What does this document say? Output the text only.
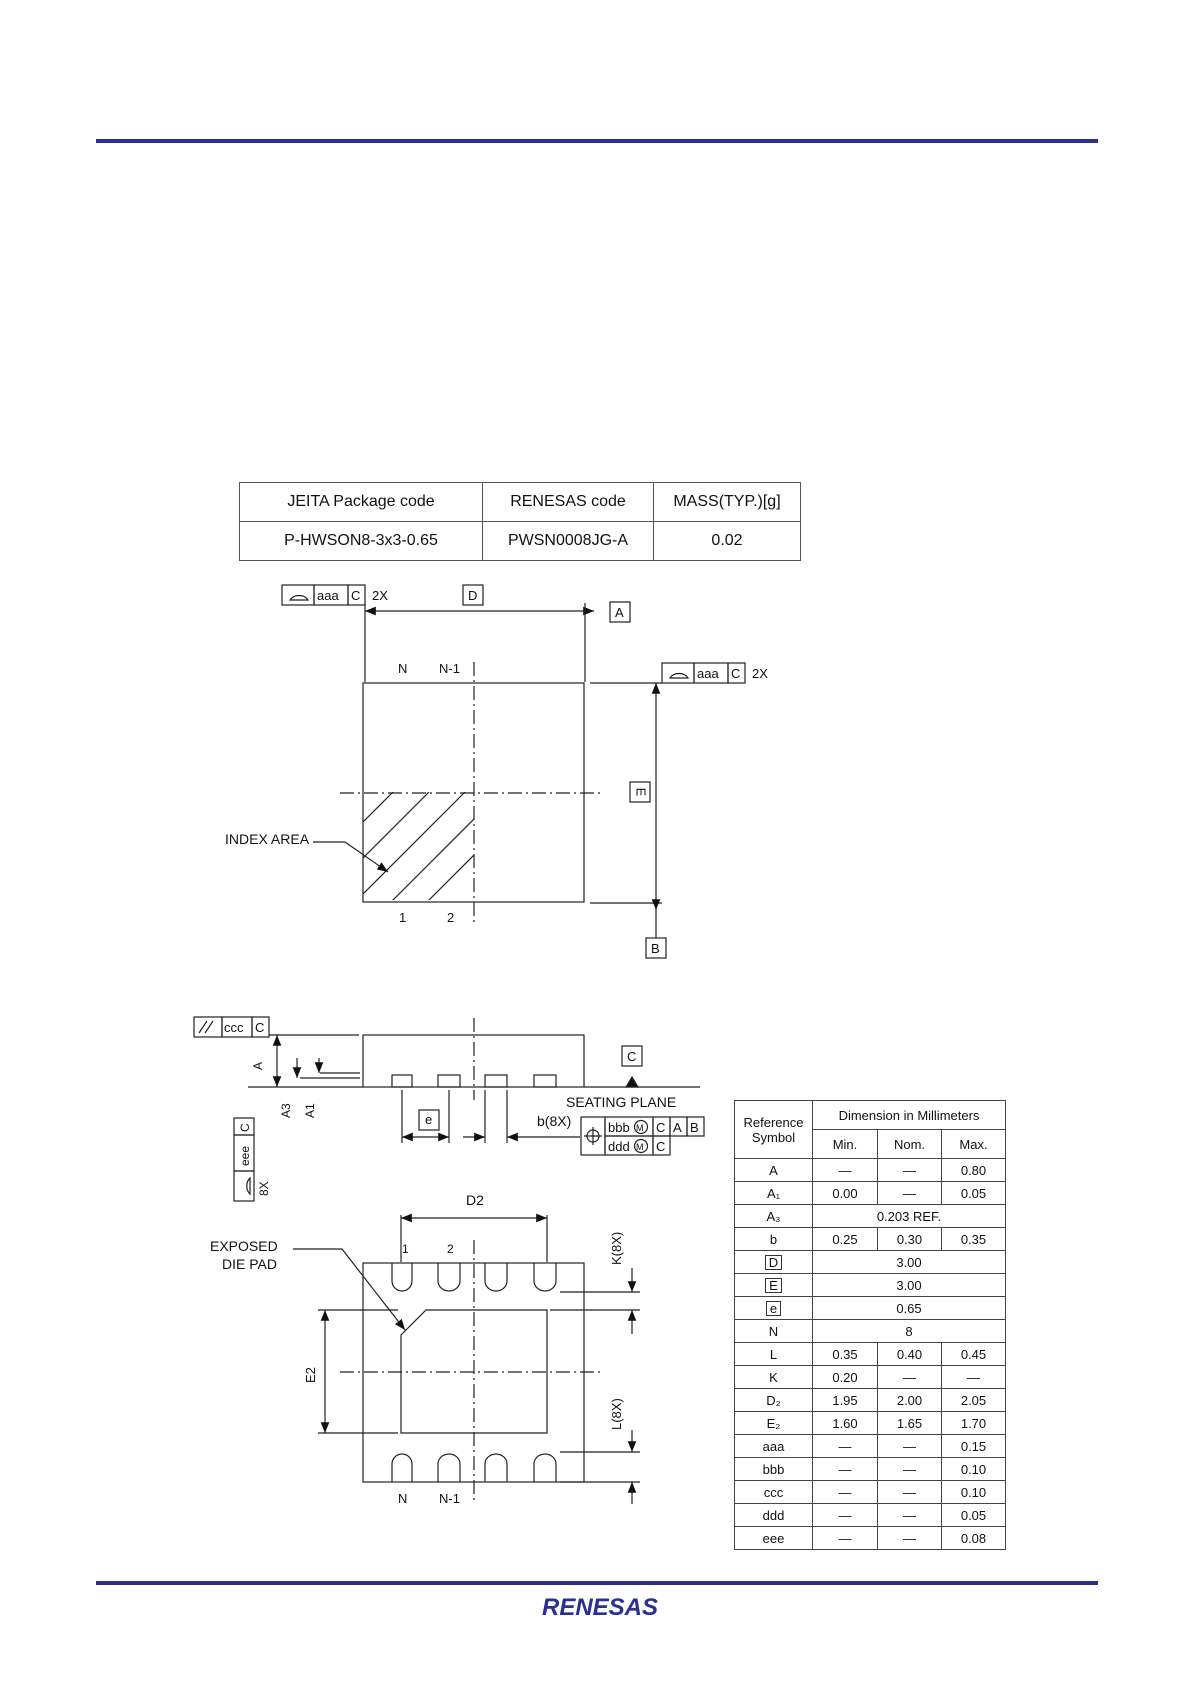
JEITA Package code	RENESAS code	MASS(TYP.)[g]
P-HWSON8-3x3-0.65	PWSN0008JG-A	0.02
aaa C 2X	D
A
N N-1
INDEX AREA
1	2
aaa C 2X
E
B
ccc C
A
A3 A1
C
eee
8X
e	b(8X)
C
SEATING PLANE
bbb M C A B
ddd M C
D2
EXPOSED
DIE PAD
1	2
E2
K(8X)
L(8X)
N N-1
Reference
Symbol	Dimension in Millimeters		
	Min.	Nom.	Max.
A	—	—	0.80
A₁	0.00	—	0.05
A₃	0.203 REF.		
b	0.25	0.30	0.35
D	3.00		
E	3.00		
e	0.65		
N	8		
L	0.35	0.40	0.45
K	0.20	—	—
D₂	1.95	2.00	2.05
E₂	1.60	1.65	1.70
aaa	—	—	0.15
bbb	—	—	0.10
ccc	—	—	0.10
ddd	—	—	0.05
eee	—	—	0.08
RENESAS
